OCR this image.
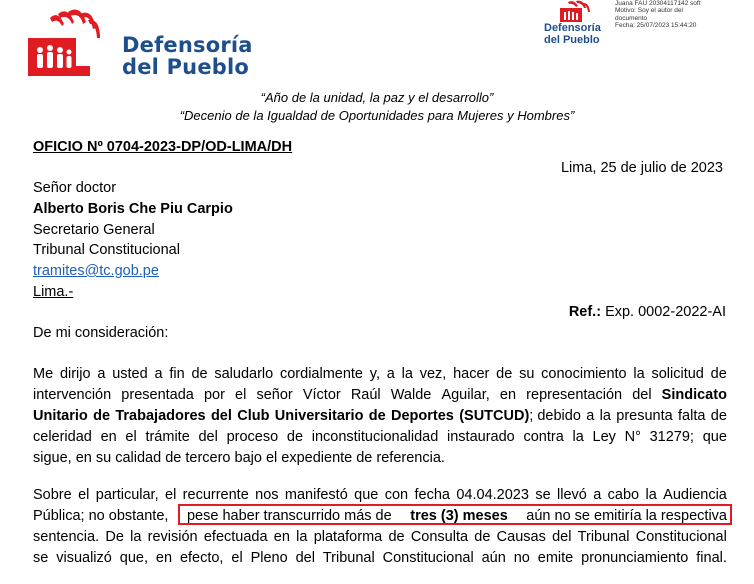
Defensoría
del Pueblo
Defensoría
del Pueblo
Juana FAU 20304117142 soft
Motivo: Soy el autor del
documento
Fecha: 25/07/2023 15:44:20
“Año de la unidad, la paz y el desarrollo”
“Decenio de la Igualdad de Oportunidades para Mujeres y Hombres”
OFICIO Nº 0704-2023-DP/OD-LIMA/DH
Lima, 25 de julio de 2023
Señor doctor
Alberto Boris Che Piu Carpio
Secretario General
Tribunal Constitucional
tramites@tc.gob.pe
Lima.-
Ref.: Exp. 0002-2022-AI
De mi consideración:
Me dirijo a usted a fin de saludarlo cordialmente y, a la vez, hacer de su conocimiento la solicitud de
intervención presentada por el señor Víctor Raúl Walde Aguilar, en representación del Sindicato
Unitario de Trabajadores del Club Universitario de Deportes (SUTCUD); debido a la presunta falta de
celeridad en el trámite del proceso de inconstitucionalidad instaurado contra la Ley N° 31279; que
sigue, en su calidad de tercero bajo el expediente de referencia.
Sobre el particular, el recurrente nos manifestó que con fecha 04.04.2023 se llevó a cabo la Audiencia
Pública; no obstante, pese haber transcurrido más de tres (3) meses aún no se emitiría la respectiva
sentencia. De la revisión efectuada en la plataforma de Consulta de Causas del Tribunal Constitucional
se visualizó que, en efecto, el Pleno del Tribunal Constitucional aún no emite pronunciamiento final.
